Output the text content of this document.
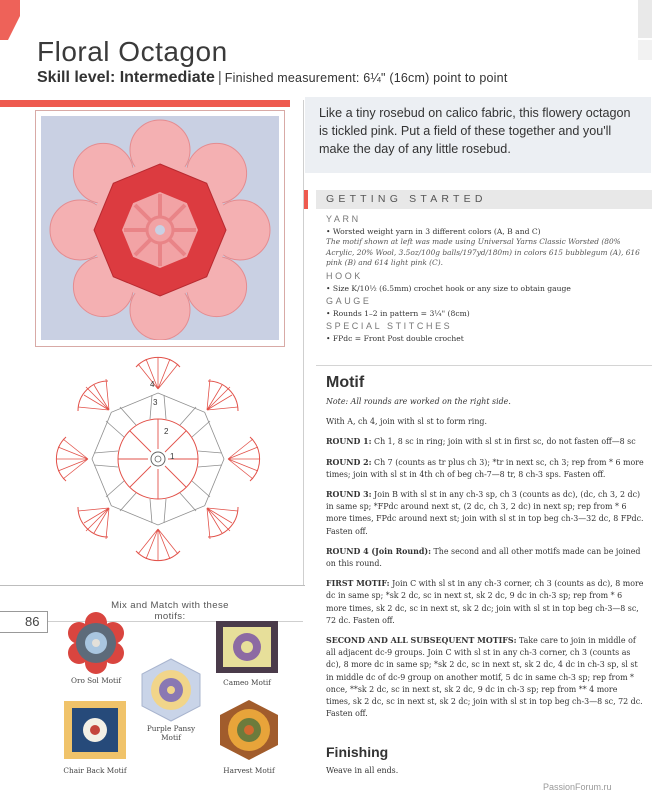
Floral Octagon
Skill level: Intermediate | Finished measurement: 6¼" (16cm) point to point
Like a tiny rosebud on calico fabric, this flowery octagon is tickled pink. Put a field of these together and you'll make the day of any little rosebud.
GETTING STARTED
YARN
• Worsted weight yarn in 3 different colors (A, B and C)
The motif shown at left was made using Universal Yarns Classic Worsted (80% Acrylic, 20% Wool, 3.5oz/100g balls/197yd/180m) in colors 615 bubblegum (A), 616 pink (B) and 614 light pink (C).
HOOK
• Size K/10½ (6.5mm) crochet hook or any size to obtain gauge
GAUGE
• Rounds 1–2 in pattern = 3¼" (8cm)
SPECIAL STITCHES
• FPdc = Front Post double crochet
Motif

Note: All rounds are worked on the right side.

With A, ch 4, join with sl st to form ring.

ROUND 1: Ch 1, 8 sc in ring; join with sl st in first sc, do not fasten off—8 sc

ROUND 2: Ch 7 (counts as tr plus ch 3); *tr in next sc, ch 3; rep from * 6 more times; join with sl st in 4th ch of beg ch-7—8 tr, 8 ch-3 sps. Fasten off.

ROUND 3: Join B with sl st in any ch-3 sp, ch 3 (counts as dc), (dc, ch 3, 2 dc) in same sp; *FPdc around next st, (2 dc, ch 3, 2 dc) in next sp; rep from * 6 more times, FPdc around next st; join with sl st in top beg ch-3—32 dc, 8 FPdc. Fasten off.

ROUND 4 (Join Round): The second and all other motifs made can be joined on this round.

FIRST MOTIF: Join C with sl st in any ch-3 corner, ch 3 (counts as dc), 8 more dc in same sp; *sk 2 dc, sc in next st, sk 2 dc, 9 dc in ch-3 sp; rep from * 6 more times, sk 2 dc, sc in next st, sk 2 dc; join with sl st in top beg ch-3—8 sc, 72 dc. Fasten off.

SECOND AND ALL SUBSEQUENT MOTIFS: Take care to join in middle of all adjacent dc-9 groups. Join C with sl st in any ch-3 corner, ch 3 (counts as dc), 8 more dc in same sp; *sk 2 dc, sc in next st, sk 2 dc, 4 dc in ch-3 sp, sl st in middle dc of dc-9 group on another motif, 5 dc in same ch-3 sp; rep from * once, **sk 2 dc, sc in next st, sk 2 dc, 9 dc in ch-3 sp; rep from ** 4 more times, sk 2 dc, sc in next st, sk 2 dc; join with sl st in top beg ch-3—8 sc, 72 dc. Fasten off.

Finishing
Weave in all ends.
1
2
3
4
86
Mix and Match with these motifs:
Oro Sol Motif	Cameo Motif
Purple Pansy Motif
Chair Back Motif	Harvest Motif
PassionForum.ru
